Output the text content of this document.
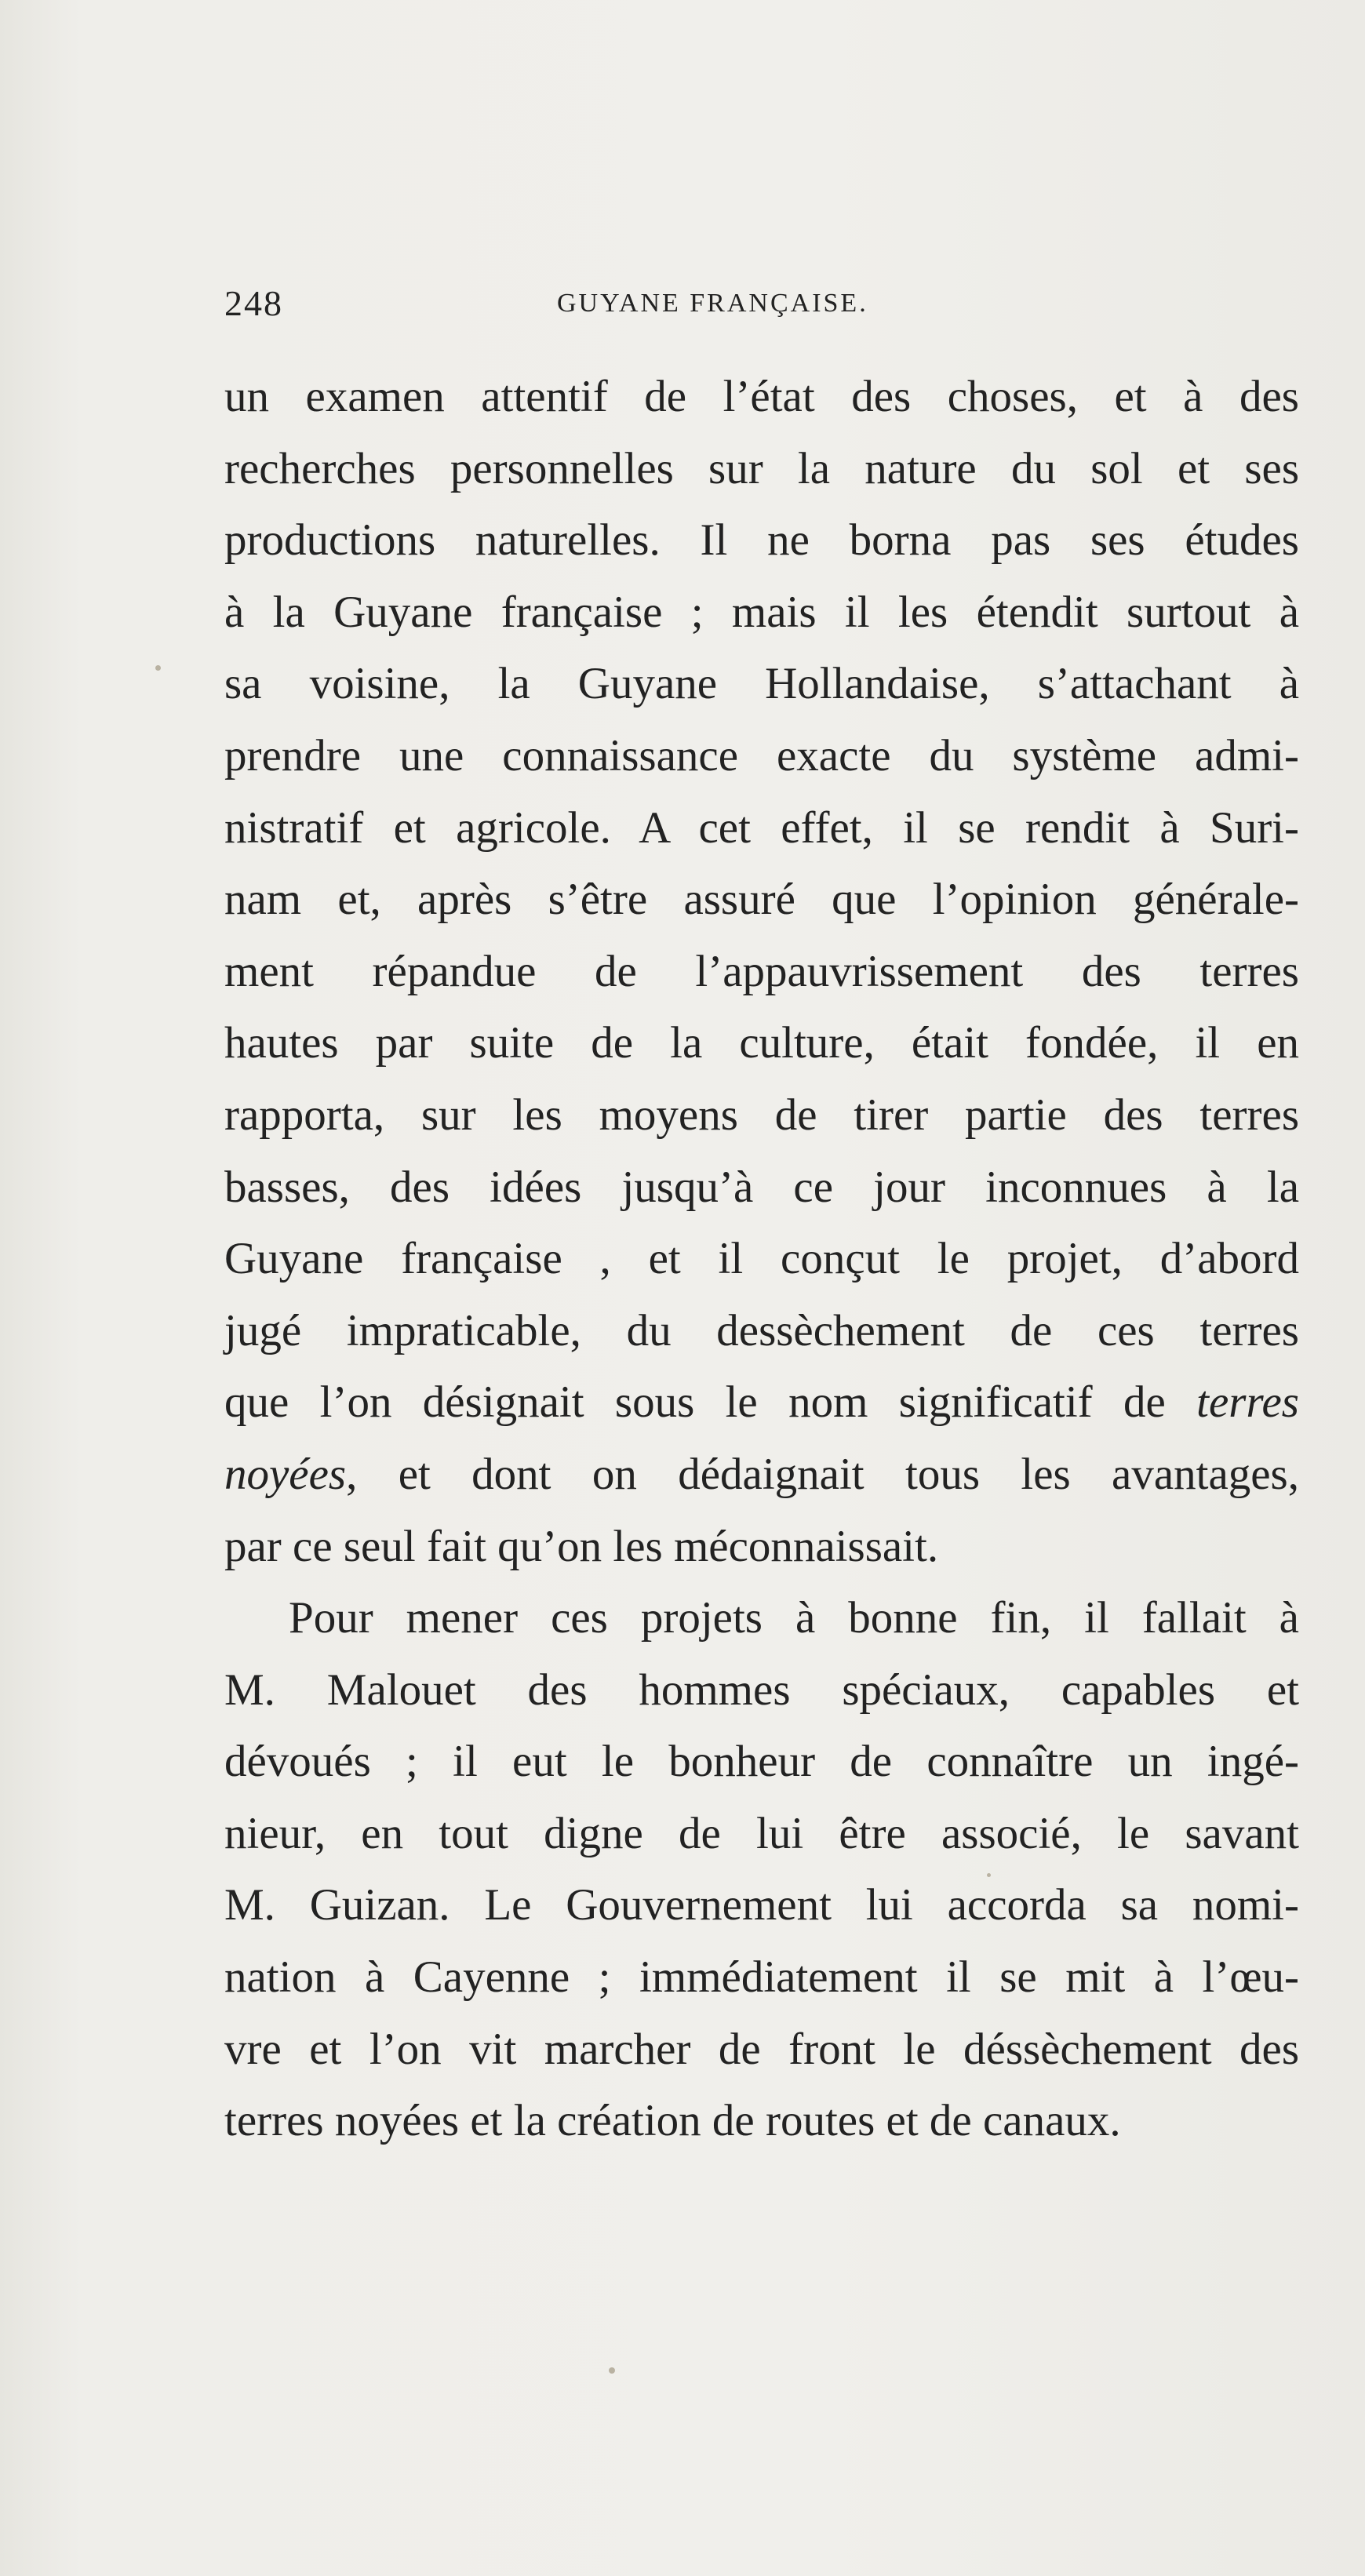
248	GUYANE FRANÇAISE.
un examen attentif de l’état des choses, et à des
recherches personnelles sur la nature du sol et ses
productions naturelles. Il ne borna pas ses études
à la Guyane française ; mais il les étendit surtout à
sa voisine, la Guyane Hollandaise, s’attachant à
prendre une connaissance exacte du système admi-
nistratif et agricole. A cet effet, il se rendit à Suri-
nam et, après s’être assuré que l’opinion générale-
ment répandue de l’appauvrissement des terres
hautes par suite de la culture, était fondée, il en
rapporta, sur les moyens de tirer partie des terres
basses, des idées jusqu’à ce jour inconnues à la
Guyane française , et il conçut le projet, d’abord
jugé impraticable, du dessèchement de ces terres
que l’on désignait sous le nom significatif de terres
noyées, et dont on dédaignait tous les avantages,
par ce seul fait qu’on les méconnaissait.
Pour mener ces projets à bonne fin, il fallait à
M. Malouet des hommes spéciaux, capables et
dévoués ; il eut le bonheur de connaître un ingé-
nieur, en tout digne de lui être associé, le savant
M. Guizan. Le Gouvernement lui accorda sa nomi-
nation à Cayenne ; immédiatement il se mit à l’œu-
vre et l’on vit marcher de front le déssèchement des
terres noyées et la création de routes et de canaux.
